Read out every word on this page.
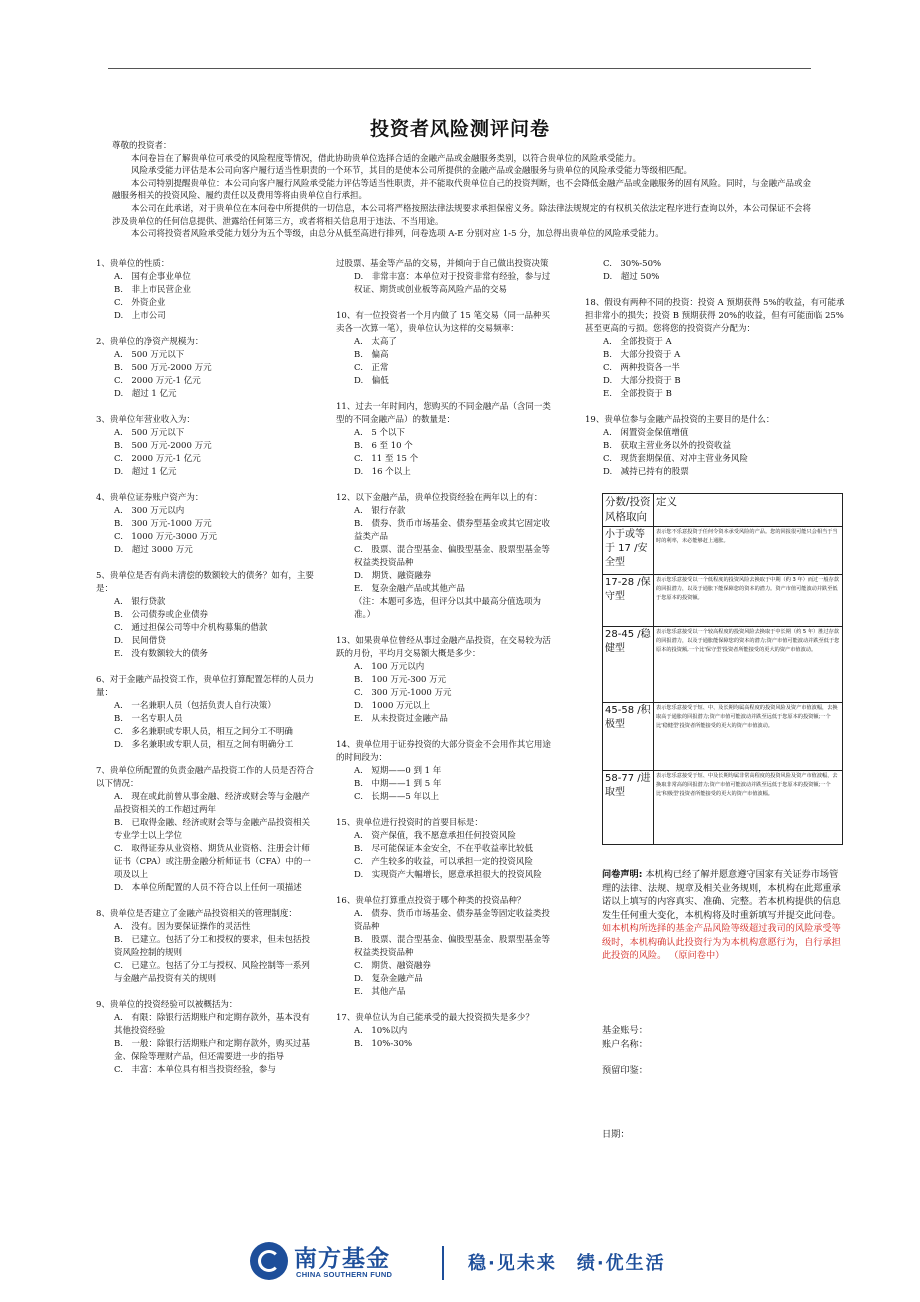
投资者风险测评问卷

尊敬的投资者：

本问卷旨在了解贵单位可承受的风险程度等情况，借此协助贵单位选择合适的金融产品或金融服务类别，以符合贵单位的风险承受能力。

风险承受能力评估是本公司向客户履行适当性职责的一个环节，其目的是使本公司所提供的金融产品或金融服务与贵单位的风险承受能力等级相匹配。

本公司特别提醒贵单位：本公司向客户履行风险承受能力评估等适当性职责，并不能取代贵单位自己的投资判断，也不会降低金融产品或金融服务的固有风险。同时，与金融产品或金融服务相关的投资风险、履约责任以及费用等将由贵单位自行承担。

本公司在此承诺，对于贵单位在本问卷中所提供的一切信息，本公司将严格按照法律法规要求承担保密义务。除法律法规规定的有权机关依法定程序进行查询以外，本公司保证不会将涉及贵单位的任何信息提供、泄露给任何第三方，或者将相关信息用于违法、不当用途。

本公司将投资者风险承受能力划分为五个等级，由总分从低至高进行排列，问卷选项 A-E 分别对应 1-5 分，加总得出贵单位的风险承受能力。

1、贵单位的性质：

A.　国有企事业单位

B.　非上市民营企业

C.　外资企业

D.　上市公司

2、贵单位的净资产规模为：

A.　500 万元以下

B.　500 万元-2000 万元

C.　2000 万元-1 亿元

D.　超过 1 亿元

3、贵单位年营业收入为：

A.　500 万元以下

B.　500 万元-2000 万元

C.　2000 万元-1 亿元

D.　超过 1 亿元

4、贵单位证券账户资产为：

A.　300 万元以内

B.　300 万元-1000 万元

C.　1000 万元-3000 万元

D.　超过 3000 万元

5、贵单位是否有尚未清偿的数额较大的债务？如有，主要是：

A.　银行贷款

B.　公司债券或企业债券

C.　通过担保公司等中介机构募集的借款

D.　民间借贷

E.　没有数额较大的债务

6、对于金融产品投资工作，贵单位打算配置怎样的人员力量：

A.　一名兼职人员（包括负责人自行决策）

B.　一名专职人员

C.　多名兼职或专职人员，相互之间分工不明确

D.　多名兼职或专职人员，相互之间有明确分工

7、贵单位所配置的负责金融产品投资工作的人员是否符合以下情况：

A.　现在或此前曾从事金融、经济或财会等与金融产品投资相关的工作超过两年

B.　已取得金融、经济或财会等与金融产品投资相关专业学士以上学位

C.　取得证券从业资格、期货从业资格、注册会计师证书（CPA）或注册金融分析师证书（CFA）中的一项及以上

D.　本单位所配置的人员不符合以上任何一项描述

8、贵单位是否建立了金融产品投资相关的管理制度：

A.　没有。因为要保证操作的灵活性

B.　已建立。包括了分工和授权的要求，但未包括投资风险控制的规则

C.　已建立。包括了分工与授权、风险控制等一系列与金融产品投资有关的规则

9、贵单位的投资经验可以被概括为：

A.　有限：除银行活期账户和定期存款外，基本没有其他投资经验

B.　一般：除银行活期账户和定期存款外，购买过基金、保险等理财产品，但还需要进一步的指导

C.　丰富：本单位具有相当投资经验，参与

过股票、基金等产品的交易，并倾向于自己做出投资决策

D.　非常丰富：本单位对于投资非常有经验，参与过权证、期货或创业板等高风险产品的交易

10、有一位投资者一个月内做了 15 笔交易（同一品种买卖各一次算一笔），贵单位认为这样的交易频率：

A.　太高了

B.　偏高

C.　正常

D.　偏低

11、过去一年时间内，您购买的不同金融产品（含同一类型的不同金融产品）的数量是：

A.　5 个以下

B.　6 至 10 个

C.　11 至 15 个

D.　16 个以上

12、以下金融产品，贵单位投资经验在两年以上的有：

A.　银行存款

B.　债券、货币市场基金、债券型基金或其它固定收益类产品

C.　股票、混合型基金、偏股型基金、股票型基金等权益类投资品种

D.　期货、融资融券

E.　复杂金融产品或其他产品

（注：本题可多选，但评分以其中最高分值选项为准。）

13、如果贵单位曾经从事过金融产品投资，在交易较为活跃的月份，平均月交易额大概是多少：

A.　100 万元以内

B.　100 万元-300 万元

C.　300 万元-1000 万元

D.　1000 万元以上

E.　从未投资过金融产品

14、贵单位用于证券投资的大部分资金不会用作其它用途的时间段为：

A.　短期——0 到 1 年

B.　中期——1 到 5 年

C.　长期——5 年以上

15、贵单位进行投资时的首要目标是：

A.　资产保值，我不愿意承担任何投资风险

B.　尽可能保证本金安全，不在乎收益率比较低

C.　产生较多的收益，可以承担一定的投资风险

D.　实现资产大幅增长，愿意承担很大的投资风险

16、贵单位打算重点投资于哪个种类的投资品种？

A.　债券、货币市场基金、债券基金等固定收益类投资品种

B.　股票、混合型基金、偏股型基金、股票型基金等权益类投资品种

C.　期货、融资融券

D.　复杂金融产品

E.　其他产品

17、贵单位认为自己能承受的最大投资损失是多少？

A.　10%以内

B.　10%-30%

C.　30%-50%

D.　超过 50%

18、假设有两种不同的投资：投资 A 预期获得 5%的收益，有可能承担非常小的损失；投资 B 预期获得 20%的收益，但有可能面临 25%甚至更高的亏损。您将您的投资资产分配为：

A.　全部投资于 A

B.　大部分投资于 A

C.　两种投资各一半

D.　大部分投资于 B

E.　全部投资于 B

19、贵单位参与金融产品投资的主要目的是什么：

A.　闲置资金保值增值

B.　获取主营业务以外的投资收益

C.　现货套期保值、对冲主营业务风险

D.　减持已持有的股票

分数/投资风格取向	定义
小于或等于 17 /安全型	表示您不乐意投资于任何令资本承受风险的产品。您的回报很可能只会相当于当时的利率，未必能够赶上通胀。
17-28 /保守型	表示您乐意接受以一个低程度的投资风险去换取于中期（约 3 年）而过一般存款的回报潜力，以及于通胀下能保障您的资本的潜力。资产市值可能波动并跌至低于您原本的投资额。
28-45 /稳健型	表示您乐意接受以一个较高程度的投资风险去换取于中长期（约 5 年）胜过存款的回报潜力，以及于通胀能保障您的资本的潜力;资产市值可能波动并跌至低于您原本的投资额,一个比'保守型'投资者所能接受的更大的资产市值波动。
45-58 /积极型	表示您乐意接受于短、中、及长期均属高程度的投资风险及资产市值波幅，去换取高于通胀的回报潜力;资产市值可能波动并跌至远低于您原本的投资额;一个比'稳健型'投资者所能接受的更大的资产市值波动。
58-77 /进取型	表示您乐意接受于短、中及长期均属非常高程度的投资风险及资产市值波幅，去换取非常高的回报潜力;资产市值可能波动并跌至远低于您原本的投资额;一个比'积极型'投资者所能接受的更大的资产市值波幅。
问卷声明: 本机构已经了解并愿意遵守国家有关证券市场管理的法律、法规、规章及相关业务规则，本机构在此郑重承诺以上填写的内容真实、准确、完整。若本机构提供的信息发生任何重大变化，本机构将及时重新填写并提交此问卷。
如本机构所选择的基金产品风险等级超过我司的风险承受等级时，本机构确认此投资行为为本机构意愿行为，自行承担此投资的风险。 （原问卷中）
基金账号：
账户名称：
预留印鉴：
日期：
南方基金
CHINA SOUTHERN FUND
稳·见未来　绩·优生活
